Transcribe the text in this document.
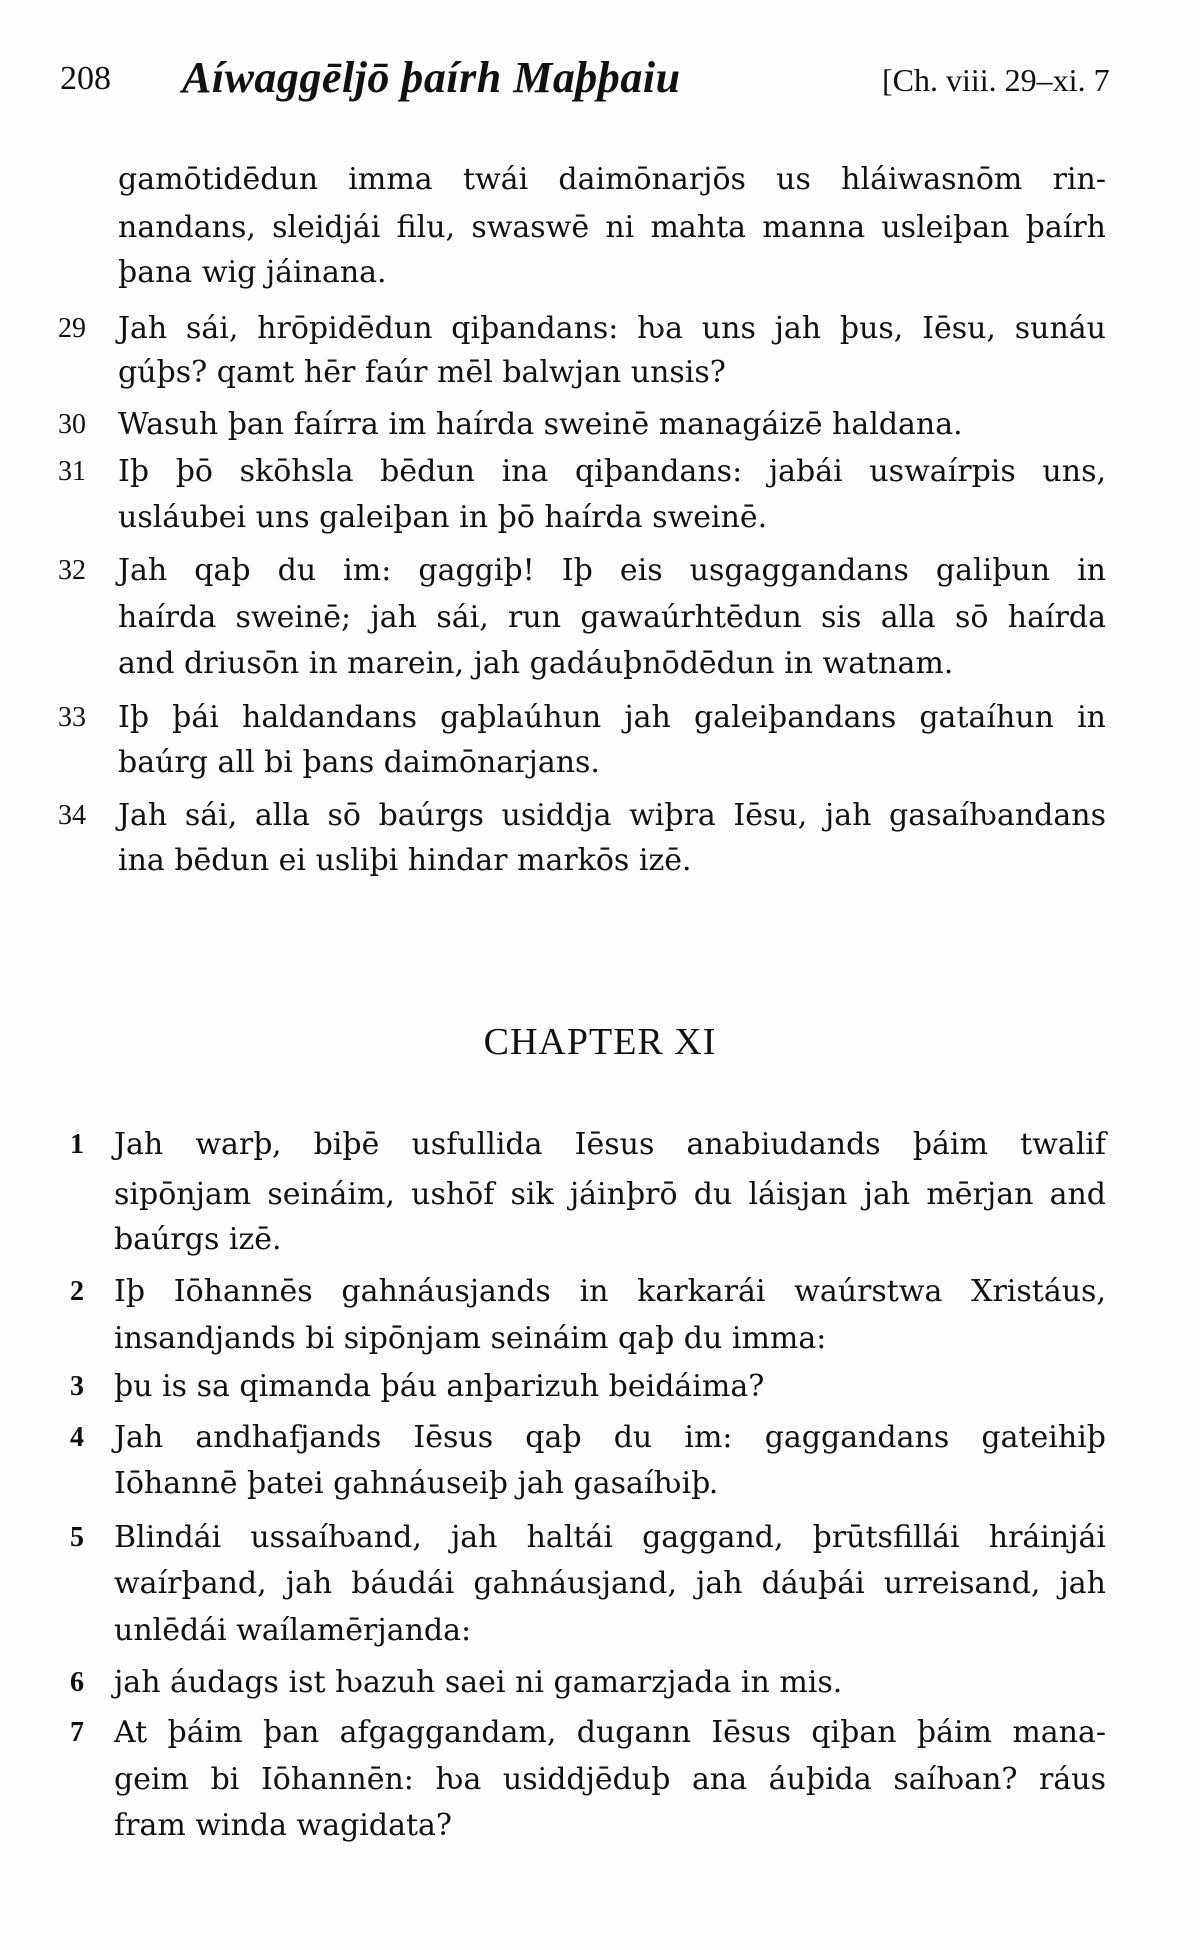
208 Aíwaggēljō þaírh Maþþaiu	[Ch. viii. 29–xi. 7
gamōtidēdun imma twái daimōnarjōs us hláiwasnōm rin-
nandans, sleidjái filu, swaswē ni mahta manna usleiþan þaírh
þana wig jáinana.
29 Jah sái, hrōpidēdun qiþandans: ƕa uns jah þus, Iēsu, sunáu
gúþs? qamt hēr faúr mēl balwjan unsis?
30 Wasuh þan faírra im haírda sweinē managáizē haldana.
31 Iþ þō skōhsla bēdun ina qiþandans: jabái uswaírpis uns,
usláubei uns galeiþan in þō haírda sweinē.
32 Jah qaþ du im: gaggiþ! Iþ eis usgaggandans galiþun in
haírda sweinē; jah sái, run gawaúrhtēdun sis alla sō haírda
and driusōn in marein, jah gadáuþnōdēdun in watnam.
33 Iþ þái haldandans gaþlaúhun jah galeiþandans gataíhun in
baúrg all bi þans daimōnarjans.
34 Jah sái, alla sō baúrgs usiddja wiþra Iēsu, jah gasaíƕandans
ina bēdun ei usliþi hindar markōs izē.
CHAPTER XI
1 Jah warþ, biþē usfullida Iēsus anabiudands þáim twalif
sipōnjam seináim, ushōf sik jáinþrō du láisjan jah mērjan and
baúrgs izē.
2 Iþ Iōhannēs gahnáusjands in karkarái waúrstwa Xristáus,
insandjands bi sipōnjam seináim qaþ du imma:
3 þu is sa qimanda þáu anþarizuh beidáima?
4 Jah andhafjands Iēsus qaþ du im: gaggandans gateihiþ
Iōhannē þatei gahnáuseiþ jah gasaíƕiþ.
5 Blindái ussaíƕand, jah haltái gaggand, þrūtsfillái hráinjái
waírþand, jah báudái gahnáusjand, jah dáuþái urreisand, jah
unlēdái waílamērjanda:
6 jah áudags ist ƕazuh saei ni gamarzjada in mis.
7 At þáim þan afgaggandam, dugann Iēsus qiþan þáim mana-
geim bi Iōhannēn: ƕa usiddjēduþ ana áuþida saíƕan? ráus
fram winda wagidata?
